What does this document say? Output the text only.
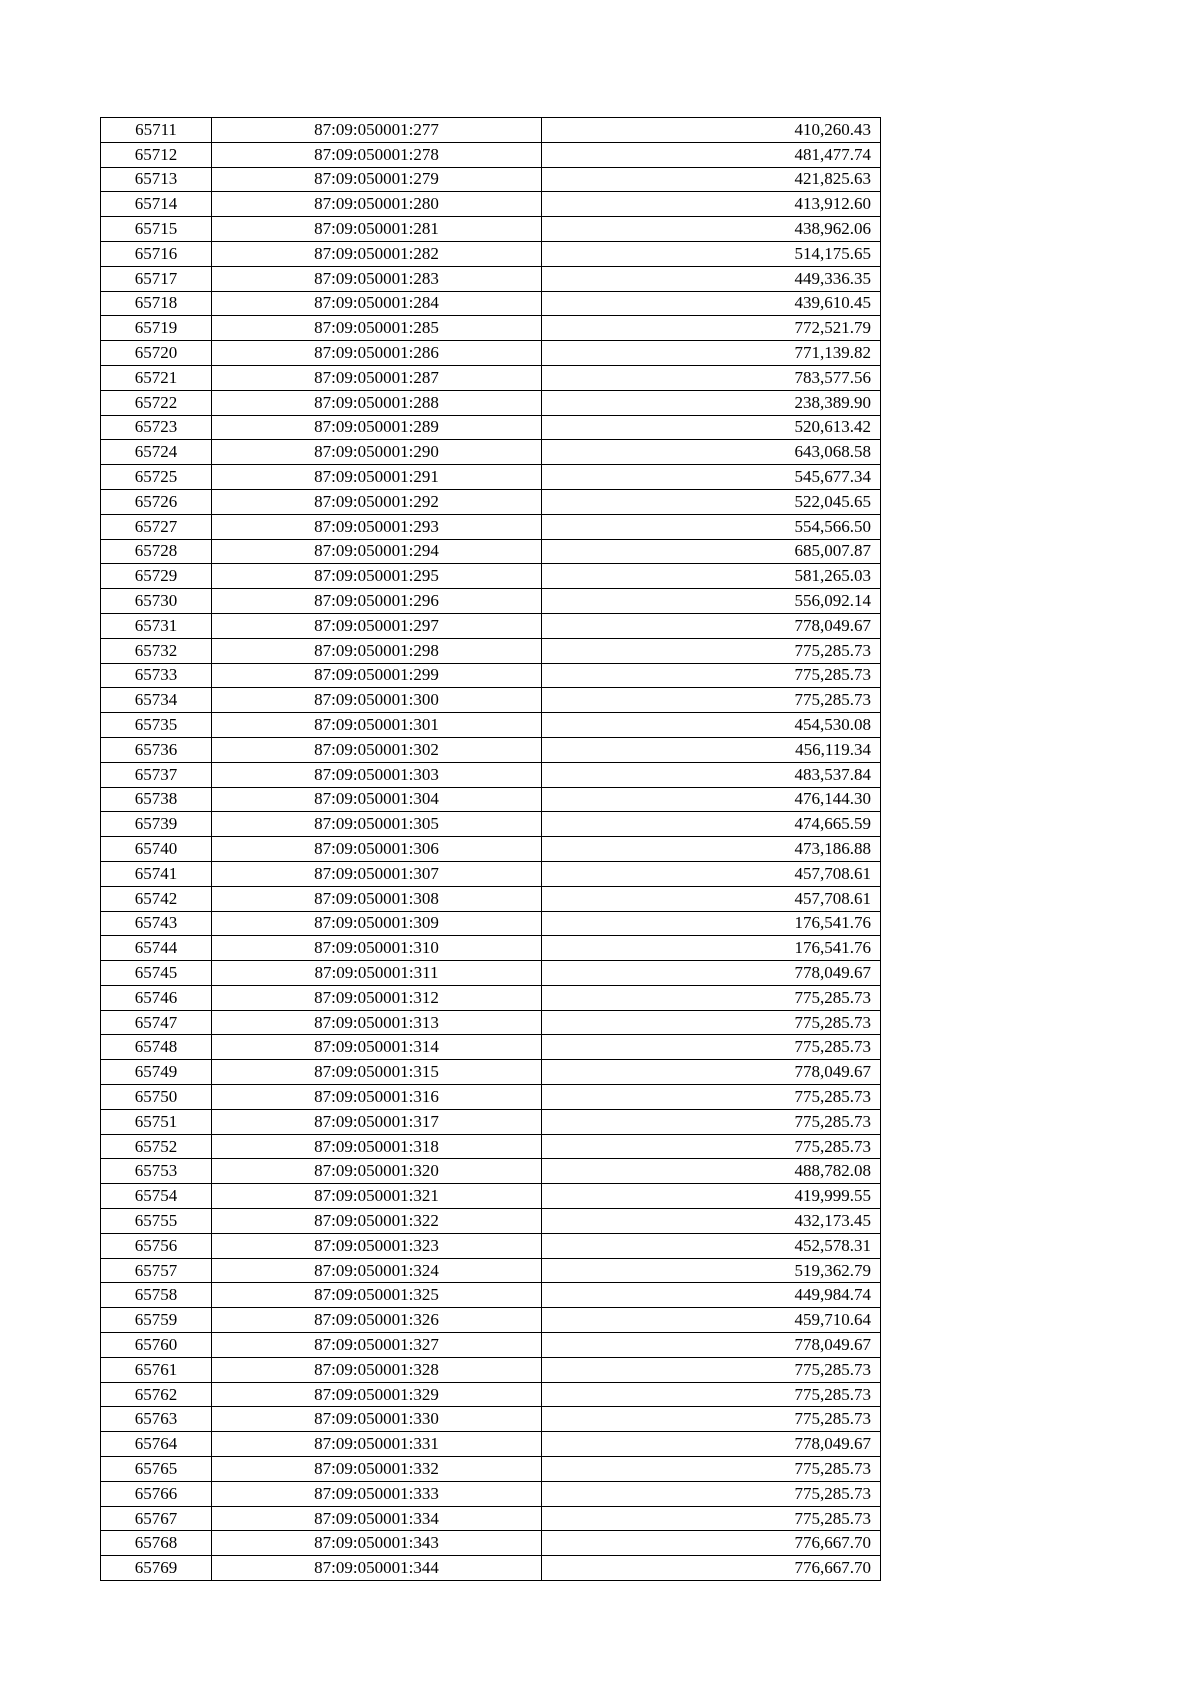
65711	87:09:050001:277	410,260.43
65712	87:09:050001:278	481,477.74
65713	87:09:050001:279	421,825.63
65714	87:09:050001:280	413,912.60
65715	87:09:050001:281	438,962.06
65716	87:09:050001:282	514,175.65
65717	87:09:050001:283	449,336.35
65718	87:09:050001:284	439,610.45
65719	87:09:050001:285	772,521.79
65720	87:09:050001:286	771,139.82
65721	87:09:050001:287	783,577.56
65722	87:09:050001:288	238,389.90
65723	87:09:050001:289	520,613.42
65724	87:09:050001:290	643,068.58
65725	87:09:050001:291	545,677.34
65726	87:09:050001:292	522,045.65
65727	87:09:050001:293	554,566.50
65728	87:09:050001:294	685,007.87
65729	87:09:050001:295	581,265.03
65730	87:09:050001:296	556,092.14
65731	87:09:050001:297	778,049.67
65732	87:09:050001:298	775,285.73
65733	87:09:050001:299	775,285.73
65734	87:09:050001:300	775,285.73
65735	87:09:050001:301	454,530.08
65736	87:09:050001:302	456,119.34
65737	87:09:050001:303	483,537.84
65738	87:09:050001:304	476,144.30
65739	87:09:050001:305	474,665.59
65740	87:09:050001:306	473,186.88
65741	87:09:050001:307	457,708.61
65742	87:09:050001:308	457,708.61
65743	87:09:050001:309	176,541.76
65744	87:09:050001:310	176,541.76
65745	87:09:050001:311	778,049.67
65746	87:09:050001:312	775,285.73
65747	87:09:050001:313	775,285.73
65748	87:09:050001:314	775,285.73
65749	87:09:050001:315	778,049.67
65750	87:09:050001:316	775,285.73
65751	87:09:050001:317	775,285.73
65752	87:09:050001:318	775,285.73
65753	87:09:050001:320	488,782.08
65754	87:09:050001:321	419,999.55
65755	87:09:050001:322	432,173.45
65756	87:09:050001:323	452,578.31
65757	87:09:050001:324	519,362.79
65758	87:09:050001:325	449,984.74
65759	87:09:050001:326	459,710.64
65760	87:09:050001:327	778,049.67
65761	87:09:050001:328	775,285.73
65762	87:09:050001:329	775,285.73
65763	87:09:050001:330	775,285.73
65764	87:09:050001:331	778,049.67
65765	87:09:050001:332	775,285.73
65766	87:09:050001:333	775,285.73
65767	87:09:050001:334	775,285.73
65768	87:09:050001:343	776,667.70
65769	87:09:050001:344	776,667.70
